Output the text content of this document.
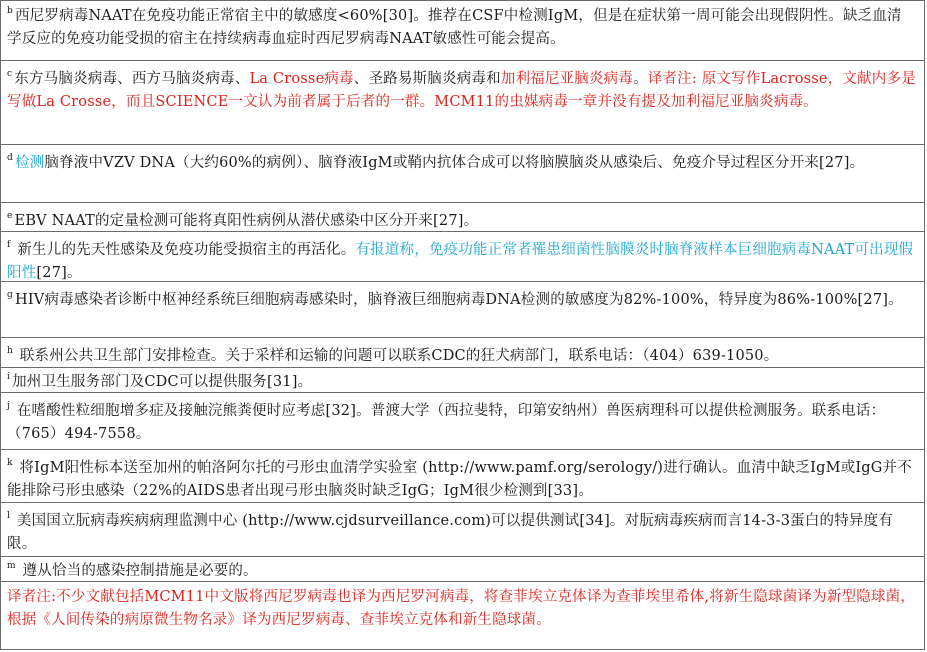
$^b$ 西尼罗病毒NAAT在免疫功能正常宿主中的敏感度<60%[30]。推荐在CSF中检测IgM，但是在症状第一周可能会出现假阴性。缺乏血清学反应的免疫功能受损的宿主在持续病毒血症时西尼罗病毒NAAT敏感性可能会提高。
$^c$ 东方马脑炎病毒、西方马脑炎病毒、La Crosse病毒、圣路易斯脑炎病毒和加利福尼亚脑炎病毒。译者注: 原文写作Lacrosse，文献内多是写做La Crosse，而且SCIENCE一文认为前者属于后者的一群。MCM11的虫媒病毒一章并没有提及加利福尼亚脑炎病毒。
$^d$ 检测脑脊液中VZV DNA（大约60%的病例）、脑脊液IgM或鞘内抗体合成可以将脑膜脑炎从感染后、免疫介导过程区分开来[27]。
$^e$ EBV NAAT的定量检测可能将真阳性病例从潜伏感染中区分开来[27]。
$^f$ 新生儿的先天性感染及免疫功能受损宿主的再活化。有报道称，免疫功能正常者罹患细菌性脑膜炎时脑脊液样本巨细胞病毒NAAT可出现假阳性[27]。
$^g$ HIV病毒感染者诊断中枢神经系统巨细胞病毒感染时，脑脊液巨细胞病毒DNA检测的敏感度为82%-100%，特异度为86%-100%[27]。
$^h$ 联系州公共卫生部门安排检查。关于采样和运输的问题可以联系CDC的狂犬病部门，联系电话：（404）639-1050。
$^i$ 加州卫生服务部门及CDC可以提供服务[31]。
$^j$ 在嗜酸性粒细胞增多症及接触浣熊粪便时应考虑[32]。普渡大学（西拉斐特，印第安纳州）兽医病理科可以提供检测服务。联系电话：（765）494-7558。
$^k$ 将IgM阳性标本送至加州的帕洛阿尔托的弓形虫血清学实验室 (http://www.pamf.org/serology/)进行确认。血清中缺乏IgM或IgG并不能排除弓形虫感染（22%的AIDS患者出现弓形虫脑炎时缺乏IgG；IgM很少检测到[33]。
$^l$ 美国国立朊病毒疾病病理监测中心 (http://www.cjdsurveillance.com)可以提供测试[34]。对朊病毒疾病而言14-3-3蛋白的特异度有限。
$^m$ 遵从恰当的感染控制措施是必要的。
译者注:不少文献包括MCM11中文版将西尼罗病毒也译为西尼罗河病毒，将查菲埃立克体译为查菲埃里希体,将新生隐球菌译为新型隐球菌，根据《人间传染的病原微生物名录》译为西尼罗病毒、查菲埃立克体和新生隐球菌。
